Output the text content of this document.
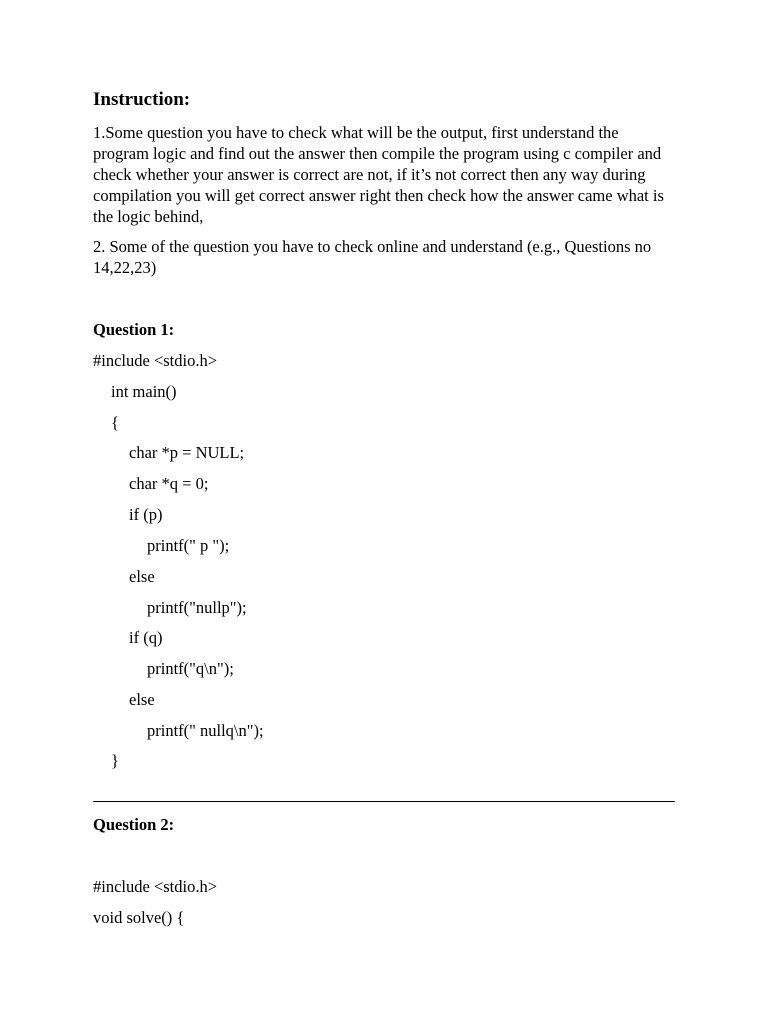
Instruction:
1.Some question you have to check what will be the output, first understand the program logic and find out the answer then compile the program using c compiler and check whether your answer is correct are not, if it’s not correct then any way during compilation you will get correct answer right then check how the answer came what is the logic behind,
2. Some of the question you have to check online and understand (e.g., Questions no 14,22,23)
Question 1:
#include <stdio.h>
int main()
{
char *p = NULL;
char *q = 0;
if (p)
printf(" p ");
else
printf("nullp");
if (q)
printf("q\n");
else
printf(" nullq\n");
}
Question 2:
#include <stdio.h>
void solve() {
